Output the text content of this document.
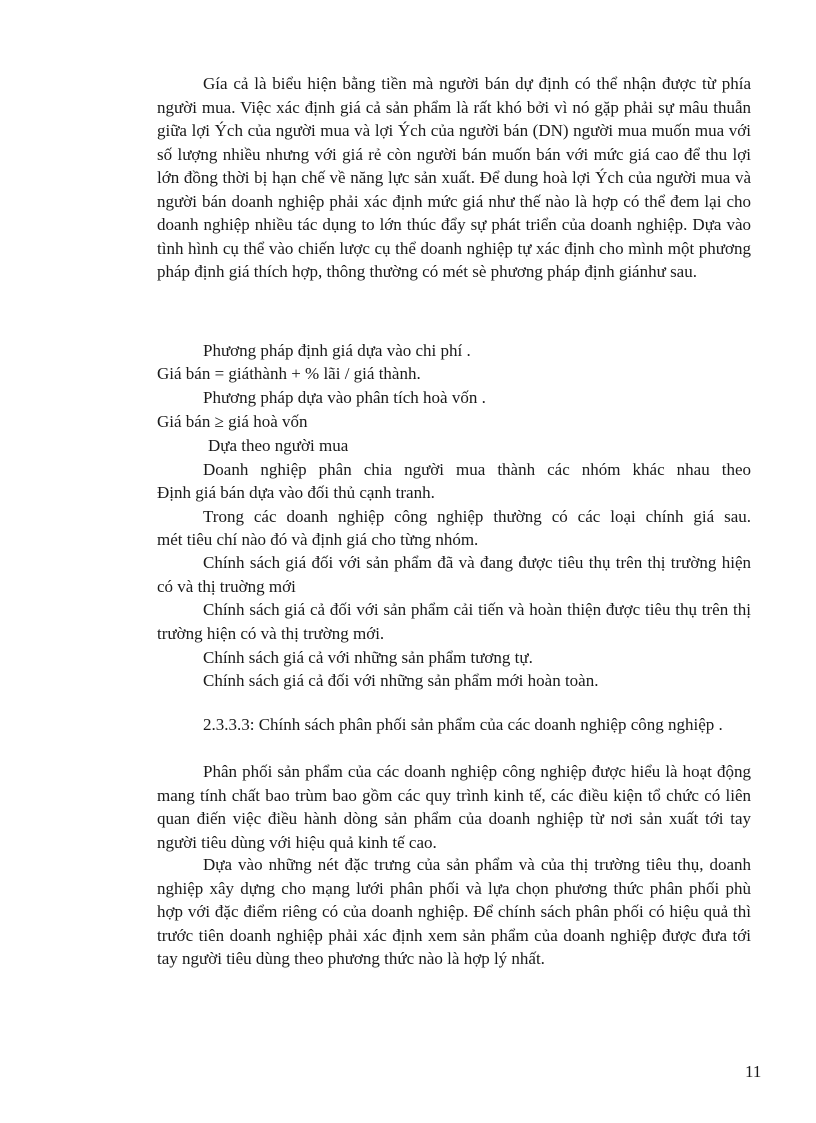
Gía cả là biểu hiện bằng tiền mà người bán dự định có thể nhận được từ phía người mua. Việc xác định giá cả sản phẩm là rất khó bởi vì nó gặp phải sự mâu thuẫn giữa lợi Ých của người mua và lợi Ých của người bán (DN) người mua muốn mua với số lượng nhiều nhưng với giá rẻ còn người bán muốn bán với mức giá cao để thu lợi lớn đồng thời bị hạn chế về năng lực sản xuất. Để dung hoà lợi Ých của người mua và người bán doanh nghiệp phải xác định mức giá như thế nào là hợp có thể đem lại cho doanh nghiệp nhiều tác dụng to lớn thúc đẩy sự phát triển của doanh nghiệp. Dựa vào tình hình cụ thể vào chiến lược cụ thể doanh nghiệp tự xác định cho mình một phương pháp định giá thích hợp, thông thường có mét sè phương pháp định giánhư sau.

Phương pháp định giá dựa vào chi phí .

Giá bán = giáthành + % lãi / giá thành.

Phương pháp dựa vào phân tích hoà vốn .

Giá bán ≥ giá hoà vốn

Dựa theo người mua

Doanh nghiệp phân chia người mua thành các nhóm khác nhau theo

Định giá bán dựa vào đối thủ cạnh tranh.

Trong các doanh nghiệp công nghiệp thường có các loại chính giá sau.

mét tiêu chí nào đó và định giá cho từng nhóm.

Chính sách giá đối với sản phẩm đã và đang được tiêu thụ trên thị trường hiện có và thị truờng mới

Chính sách giá cả đối với sản phẩm cải tiến và hoàn thiện được tiêu thụ trên thị trường hiện có và thị trường mới.

Chính sách giá cả với những sản phẩm tương tự.

Chính sách giá cả đối với những sản phẩm mới hoàn toàn.

2.3.3.3: Chính sách phân phối sản phẩm của các doanh nghiệp công nghiệp .

Phân phối sản phẩm của các doanh nghiệp công nghiệp được hiểu là hoạt động mang tính chất bao trùm bao gồm các quy trình kinh tế, các điều kiện tổ chức có liên quan điến việc điều hành dòng sản phẩm của doanh nghiệp từ nơi sản xuất tới tay người tiêu dùng với hiệu quả kinh tế cao.

Dựa vào những nét đặc trưng của sản phẩm và của thị trường tiêu thụ, doanh nghiệp xây dựng cho mạng lưới phân phối và lựa chọn phương thức phân phối phù hợp với đặc điểm riêng có của doanh nghiệp. Để chính sách phân phối có hiệu quả thì trước tiên doanh nghiệp phải xác định xem sản phẩm của doanh nghiệp được đưa tới tay người tiêu dùng theo phương thức nào là hợp lý nhất.

11
